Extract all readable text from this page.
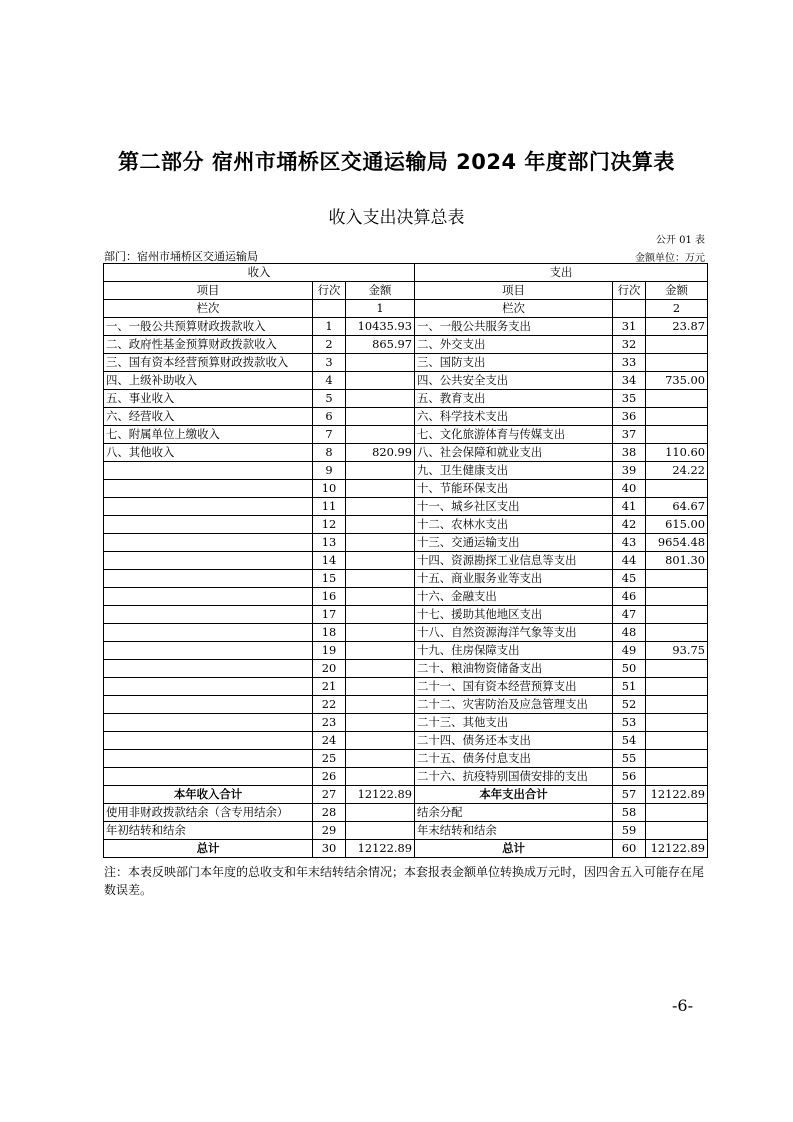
第二部分 宿州市埇桥区交通运输局 2024 年度部门决算表
收入支出决算总表
公开 01 表
部门：宿州市埇桥区交通运输局	金额单位：万元
收入			支出		
项目	行次	金额	项目	行次	金额
栏次		1	栏次		2
一、一般公共预算财政拨款收入	1	10435.93	一、一般公共服务支出	31	23.87
二、政府性基金预算财政拨款收入	2	865.97	二、外交支出	32	
三、国有资本经营预算财政拨款收入	3		三、国防支出	33	
四、上级补助收入	4		四、公共安全支出	34	735.00
五、事业收入	5		五、教育支出	35	
六、经营收入	6		六、科学技术支出	36	
七、附属单位上缴收入	7		七、文化旅游体育与传媒支出	37	
八、其他收入	8	820.99	八、社会保障和就业支出	38	110.60
	9		九、卫生健康支出	39	24.22
	10		十、节能环保支出	40	
	11		十一、城乡社区支出	41	64.67
	12		十二、农林水支出	42	615.00
	13		十三、交通运输支出	43	9654.48
	14		十四、资源勘探工业信息等支出	44	801.30
	15		十五、商业服务业等支出	45	
	16		十六、金融支出	46	
	17		十七、援助其他地区支出	47	
	18		十八、自然资源海洋气象等支出	48	
	19		十九、住房保障支出	49	93.75
	20		二十、粮油物资储备支出	50	
	21		二十一、国有资本经营预算支出	51	
	22		二十二、灾害防治及应急管理支出	52	
	23		二十三、其他支出	53	
	24		二十四、债务还本支出	54	
	25		二十五、债务付息支出	55	
	26		二十六、抗疫特别国债安排的支出	56	
本年收入合计	27	12122.89	本年支出合计	57	12122.89
使用非财政拨款结余（含专用结余）	28		结余分配	58	
年初结转和结余	29		年末结转和结余	59	
总计	30	12122.89	总计	60	12122.89
注：本表反映部门本年度的总收支和年末结转结余情况；本套报表金额单位转换成万元时，因四舍五入可能存在尾数误差。
-6-
